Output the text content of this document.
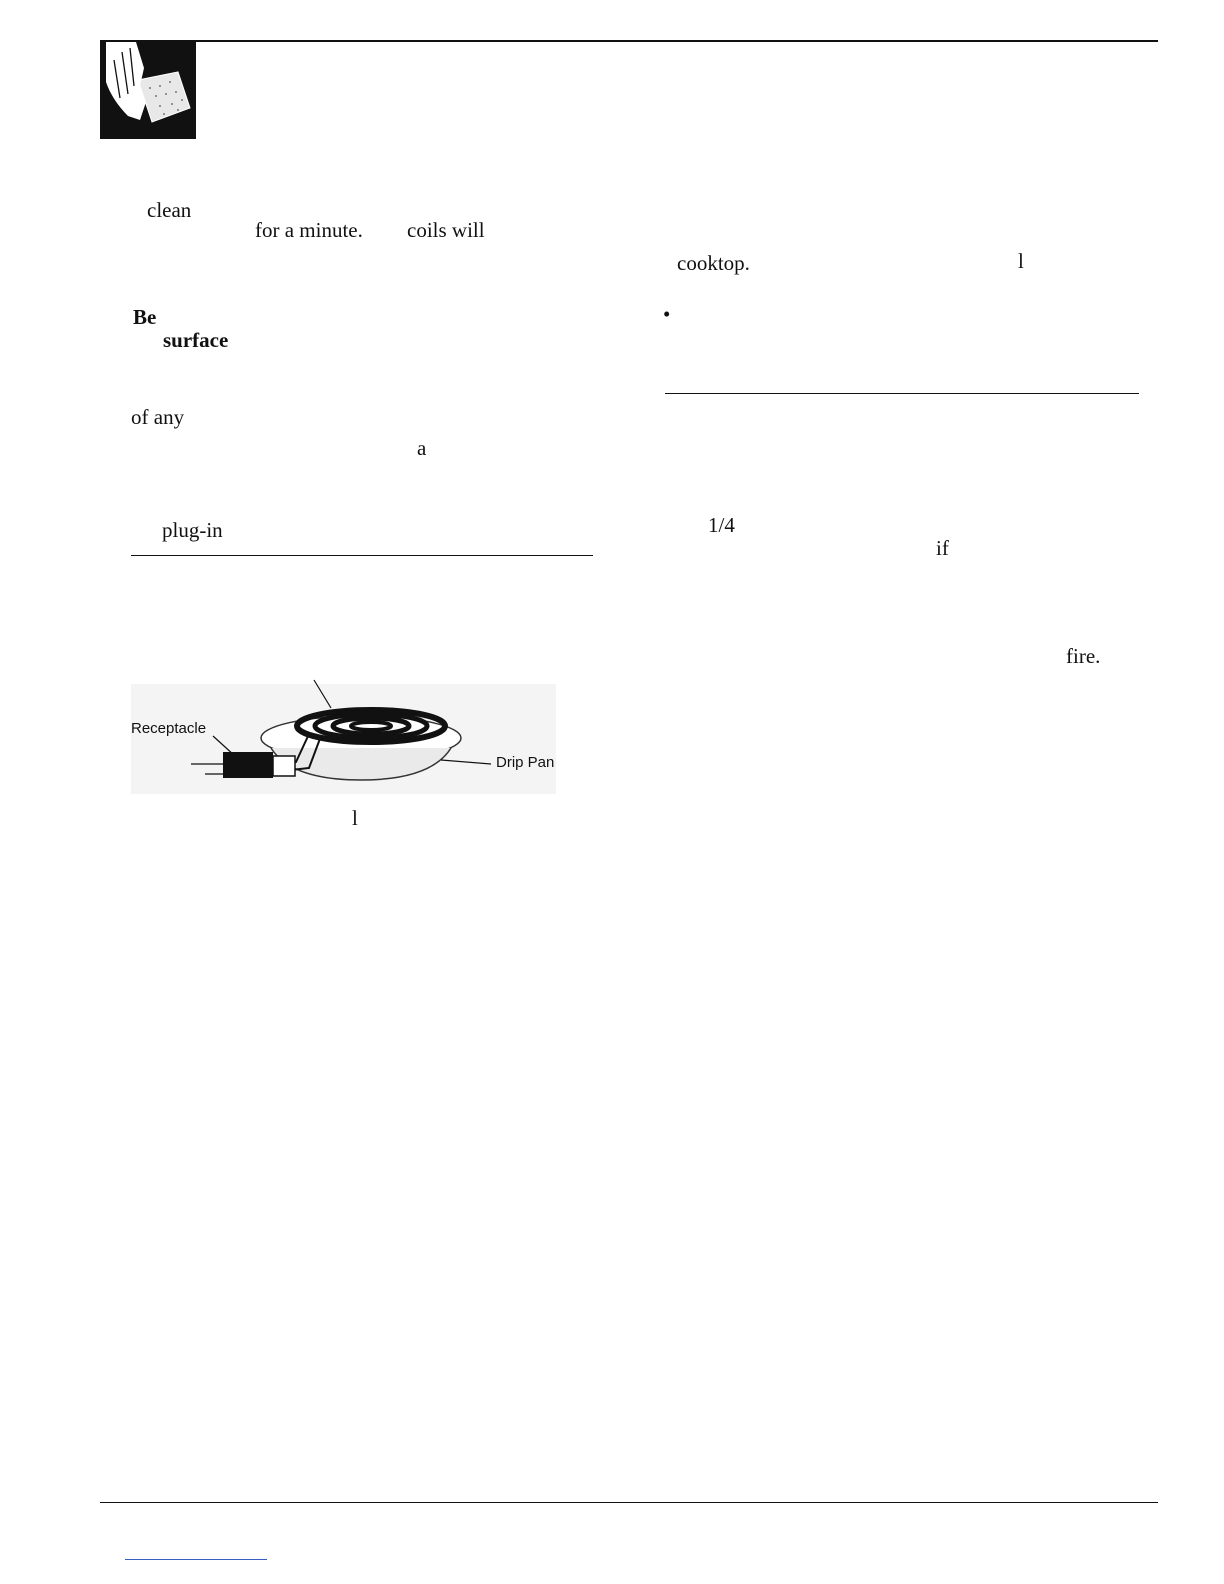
clean
for a minute. coils will
Be
surface
of any
a
plug-in
Receptacle
Drip Pan
l
cooktop.	l
•
1/4
if
fire.
